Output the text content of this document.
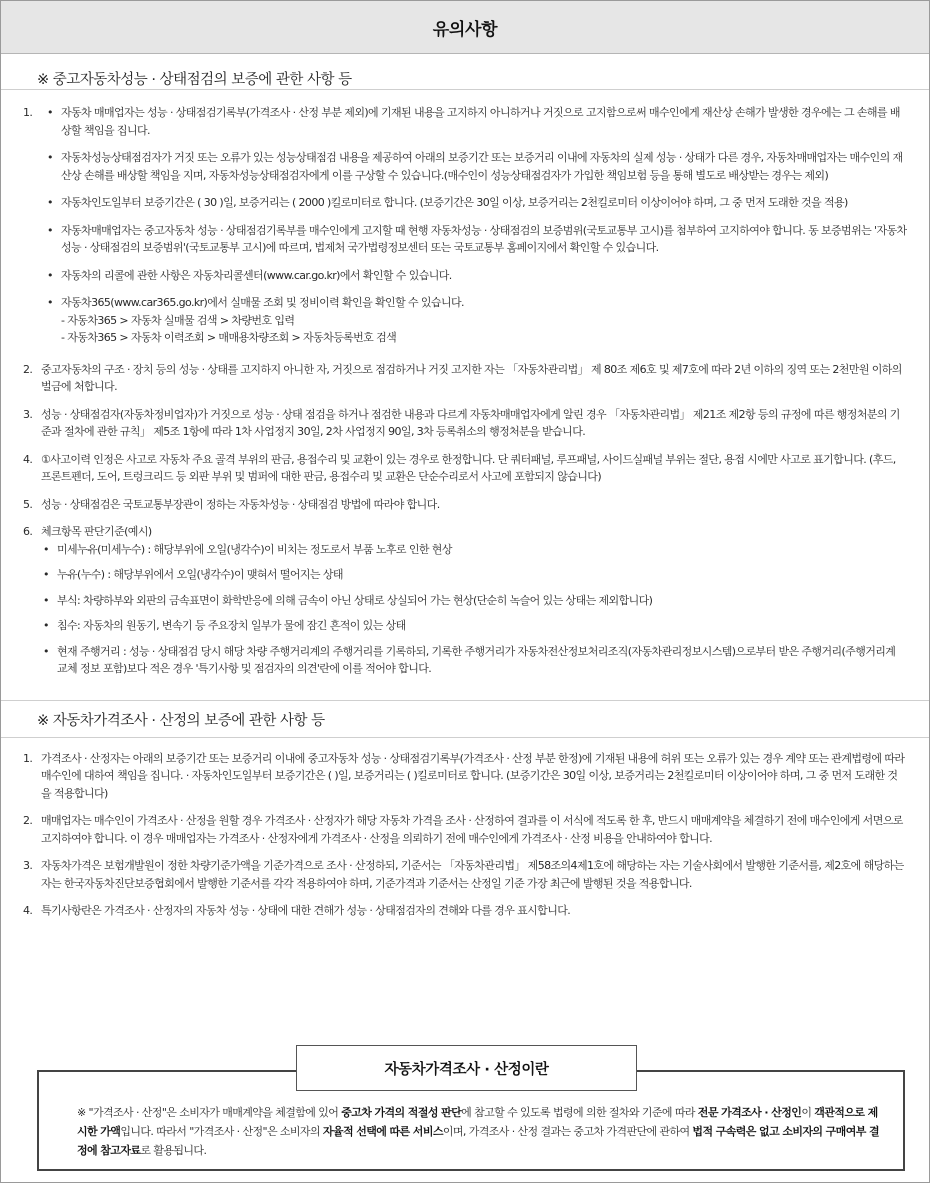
유의사항
※ 중고자동차성능 · 상태점검의 보증에 관한 사항 등
1.	• 자동차 매매업자는 성능 · 상태점검기록부(가격조사 · 산정 부분 제외)에 기재된 내용을 고지하지 아니하거나 거짓으로 고지함으로써 매수인에게 재산상 손해가 발생한 경우에는 그 손해를 배상할 책임을 집니다.
• 자동차성능상태점검자가 거짓 또는 오류가 있는 성능상태점검 내용을 제공하여 아래의 보증기간 또는 보증거리 이내에 자동차의 실제 성능 · 상태가 다른 경우, 자동차매매업자는 매수인의 재산상 손해를 배상할 책임을 지며, 자동차성능상태점검자에게 이를 구상할 수 있습니다.(매수인이 성능상태점검자가 가입한 책임보험 등을 통해 별도로 배상받는 경우는 제외)
• 자동차인도일부터 보증기간은 ( 30 )일, 보증거리는 ( 2000 )킬로미터로 합니다. (보증기간은 30일 이상, 보증거리는 2천킬로미터 이상이어야 하며, 그 중 먼저 도래한 것을 적용)
• 자동차매매업자는 중고자동차 성능 · 상태점검기록부를 매수인에게 고지할 때 현행 자동차성능 · 상태점검의 보증범위(국토교통부 고시)를 첨부하여 고지하여야 합니다. 동 보증범위는 '자동차성능 · 상태점검의 보증범위'(국토교통부 고시)에 따르며, 법제처 국가법령정보센터 또는 국토교통부 홈페이지에서 확인할 수 있습니다.
• 자동차의 리콜에 관한 사항은 자동차리콜센터(www.car.go.kr)에서 확인할 수 있습니다.
• 자동차365(www.car365.go.kr)에서 실매물 조회 및 정비이력 확인을 확인할 수 있습니다.
- 자동차365 > 자동차 실매물 검색 > 차량번호 입력
- 자동차365 > 자동차 이력조회 > 매매용차량조회 > 자동차등록번호 검색
2. 중고자동차의 구조 · 장치 등의 성능 · 상태를 고지하지 아니한 자, 거짓으로 점검하거나 거짓 고지한 자는 「자동차관리법」 제 80조 제6호 및 제7호에 따라 2년 이하의 징역 또는 2천만원 이하의 벌금에 처합니다.
3. 성능 · 상태점검자(자동차정비업자)가 거짓으로 성능 · 상태 점검을 하거나 점검한 내용과 다르게 자동차매매업자에게 알린 경우 「자동차관리법」 제21조 제2항 등의 규정에 따른 행정처분의 기준과 절차에 관한 규칙」 제5조 1항에 따라 1차 사업정지 30일, 2차 사업정지 90일, 3차 등록취소의 행정처분을 받습니다.
4. ①사고이력 인정은 사고로 자동차 주요 골격 부위의 판금, 용접수리 및 교환이 있는 경우로 한정합니다. 단 쿼터패널, 루프패널, 사이드실패널 부위는 절단, 용접 시에만 사고로 표기합니다. (후드, 프론트펜더, 도어, 트렁크리드 등 외판 부위 및 범퍼에 대한 판금, 용접수리 및 교환은 단순수리로서 사고에 포함되지 않습니다)
5. 성능 · 상태점검은 국토교통부장관이 정하는 자동차성능 · 상태점검 방법에 따라야 합니다.
6. 체크항목 판단기준(예시)
• 미세누유(미세누수) : 해당부위에 오일(냉각수)이 비치는 정도로서 부품 노후로 인한 현상
• 누유(누수) : 해당부위에서 오일(냉각수)이 맺혀서 떨어지는 상태
• 부식: 차량하부와 외판의 금속표면이 화학반응에 의해 금속이 아닌 상태로 상실되어 가는 현상(단순히 녹슬어 있는 상태는 제외합니다)
• 침수: 자동차의 원동기, 변속기 등 주요장치 일부가 물에 잠긴 흔적이 있는 상태
• 현재 주행거리 : 성능 · 상태점검 당시 해당 차량 주행거리계의 주행거리를 기록하되, 기록한 주행거리가 자동차전산정보처리조직(자동차관리정보시스템)으로부터 받은 주행거리(주행거리계 교체 정보 포함)보다 적은 경우 '특기사항 및 점검자의 의견'란에 이를 적어야 합니다.
※ 자동차가격조사 · 산정의 보증에 관한 사항 등
1. 가격조사 · 산정자는 아래의 보증기간 또는 보증거리 이내에 중고자동차 성능 · 상태점검기록부(가격조사 · 산정 부분 한정)에 기재된 내용에 허위 또는 오류가 있는 경우 계약 또는 관계법령에 따라 매수인에 대하여 책임을 집니다. · 자동차인도일부터 보증기간은 ( )일, 보증거리는 ( )킬로미터로 합니다. (보증기간은 30일 이상, 보증거리는 2천킬로미터 이상이어야 하며, 그 중 먼저 도래한 것을 적용합니다)
2. 매매업자는 매수인이 가격조사 · 산정을 원할 경우 가격조사 · 산정자가 해당 자동차 가격을 조사 · 산정하여 결과를 이 서식에 적도록 한 후, 반드시 매매계약을 체결하기 전에 매수인에게 서면으로 고지하여야 합니다. 이 경우 매매업자는 가격조사 · 산정자에게 가격조사 · 산정을 의뢰하기 전에 매수인에게 가격조사 · 산정 비용을 안내하여야 합니다.
3. 자동차가격은 보험개발원이 정한 차량기준가액을 기준가격으로 조사 · 산정하되, 기준서는 「자동차관리법」 제58조의4제1호에 해당하는 자는 기술사회에서 발행한 기준서를, 제2호에 해당하는 자는 한국자동차진단보증협회에서 발행한 기준서를 각각 적용하여야 하며, 기준가격과 기준서는 산정일 기준 가장 최근에 발행된 것을 적용합니다.
4. 특기사항란은 가격조사 · 산정자의 자동차 성능 · 상태에 대한 견해가 성능 · 상태점검자의 견해와 다를 경우 표시합니다.
자동차가격조사 · 산정이란
※ "가격조사 · 산정"은 소비자가 매매계약을 체결함에 있어 중고차 가격의 적절성 판단에 참고할 수 있도록 법령에 의한 절차와 기준에 따라 전문 가격조사 · 산정인이 객관적으로 제시한 가액입니다. 따라서 "가격조사 · 산정"은 소비자의 자율적 선택에 따른 서비스이며, 가격조사 · 산정 결과는 중고차 가격판단에 관하여 법적 구속력은 없고 소비자의 구매여부 결정에 참고자료로 활용됩니다.
